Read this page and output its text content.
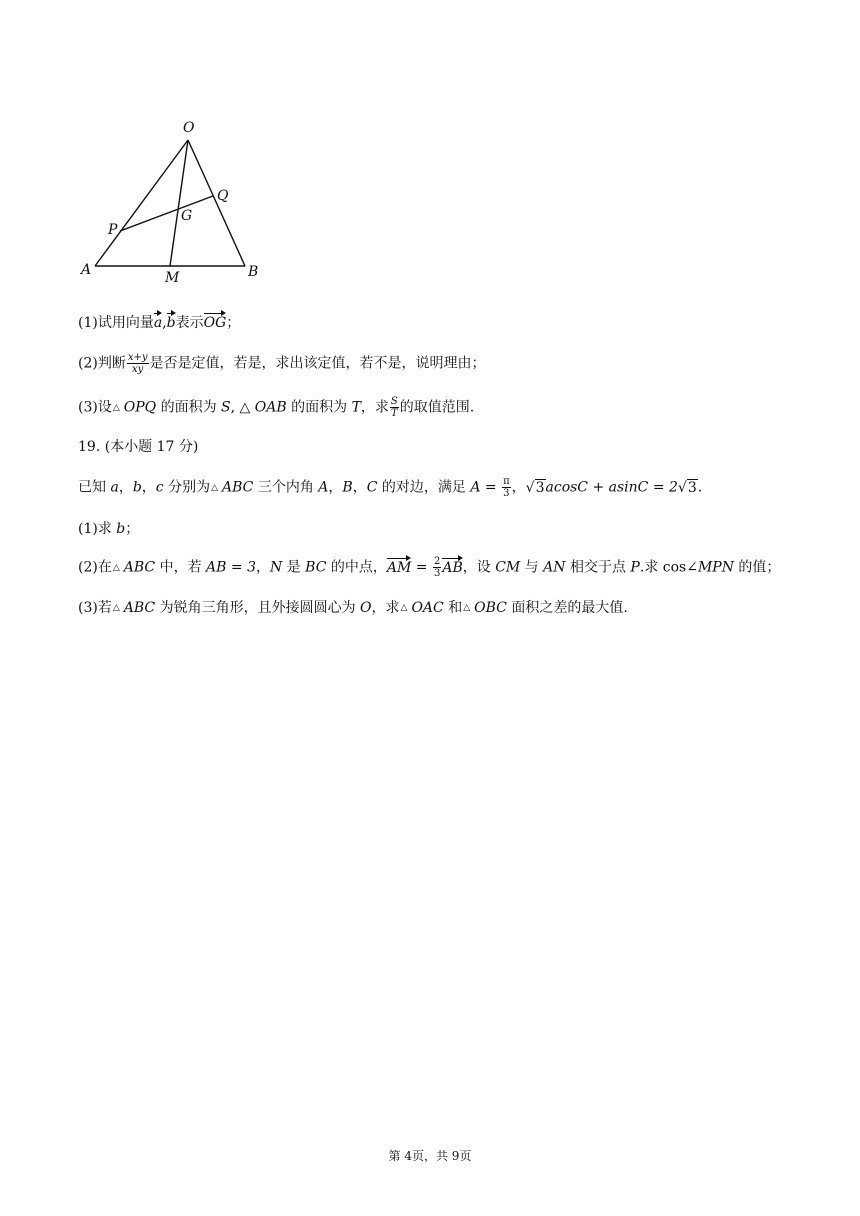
O
P
Q
G
A	M	B
(1)试用向量a,b表示OG；
(2)判断 $\frac{x+y}{xy}$ 是否是定值，若是，求出该定值，若不是，说明理由；
(3)设△ OPQ 的面积为 S, △ OAB 的面积为 T，求 $\frac{S}{T}$ 的取值范围.
19. (本小题 17 分)
已知 a，b，c 分别为△ ABC 三个内角 A，B，C 的对边，满足 $A = \frac{\pi}{3}$ ，√3acosC + asinC = 2√3.
(1)求 b；
(2)在△ ABC 中，若 AB = 3，N 是 BC 的中点，AM = $\frac{2}{3}$ AB，设 CM 与 AN 相交于点 P.求 cos∠MPN 的值；
(3)若△ ABC 为锐角三角形，且外接圆圆心为 O，求△ OAC 和△ OBC 面积之差的最大值.
第 4页，共 9页
